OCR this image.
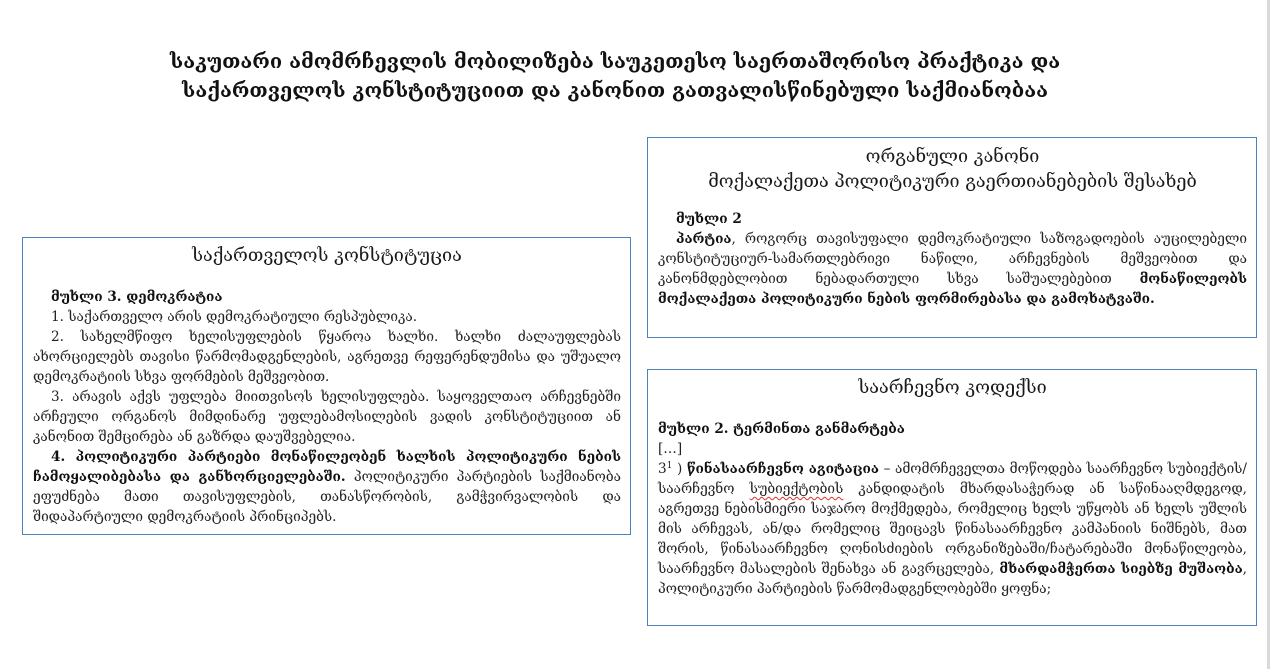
საკუთარი ამომრჩევლის მობილიზება საუკეთესო საერთაშორისო პრაქტიკა და
საქართველოს კონსტიტუციით და კანონით გათვალისწინებული საქმიანობაა
საქართველოს კონსტიტუცია
მუხლი 3. დემოკრატია

1. საქართველო არის დემოკრატიული რესპუბლიკა.

2. სახელმწიფო ხელისუფლების წყაროა ხალხი. ხალხი ძალაუფლებას ახორციელებს თავისი წარმომადგენლების, აგრეთვე რეფერენდუმისა და უშუალო დემოკრატიის სხვა ფორმების მეშვეობით.

3. არავის აქვს უფლება მიითვისოს ხელისუფლება. საყოველთაო არჩევნებში არჩეული ორგანოს მიმდინარე უფლებამოსილების ვადის კონსტიტუციით ან კანონით შემცირება ან გაზრდა დაუშვებელია.

4. პოლიტიკური პარტიები მონაწილეობენ ხალხის პოლიტიკური ნების ჩამოყალიბებასა და განხორციელებაში. პოლიტიკური პარტიების საქმიანობა ეფუძნება მათი თავისუფლების, თანასწორობის, გამჭვირვალობის და შიდაპარტიული დემოკრატიის პრინციპებს.

ორგანული კანონი
მოქალაქეთა პოლიტიკური გაერთიანებების შესახებ
მუხლი 2

პარტია, როგორც თავისუფალი დემოკრატიული საზოგადოების აუცილებელი კონსტიტუციურ-სამართლებრივი ნაწილი, არჩევნების მეშვეობით და კანონმდებლობით ნებადართული სხვა საშუალებებით მონაწილეობს მოქალაქეთა პოლიტიკური ნების ფორმირებასა და გამოხატვაში.

საარჩევნო კოდექსი
მუხლი 2. ტერმინთა განმარტება
[…]

$3^1$ ) წინასაარჩევნო აგიტაცია – ამომრჩეველთა მოწოდება საარჩევნო სუბიექტის/საარჩევნო სუბიექტობის კანდიდატის მხარდასაჭერად ან საწინააღმდეგოდ, აგრეთვე ნებისმიერი საჯარო მოქმედება, რომელიც ხელს უწყობს ან ხელს უშლის მის არჩევას, ან/და რომელიც შეიცავს წინასაარჩევნო კამპანიის ნიშნებს, მათ შორის, წინასაარჩევნო ღონისძიების ორგანიზებაში/ჩატარებაში მონაწილეობა, საარჩევნო მასალების შენახვა ან გავრცელება, მხარდამჭერთა სიებზე მუშაობა, პოლიტიკური პარტიების წარმომადგენლობებში ყოფნა;
